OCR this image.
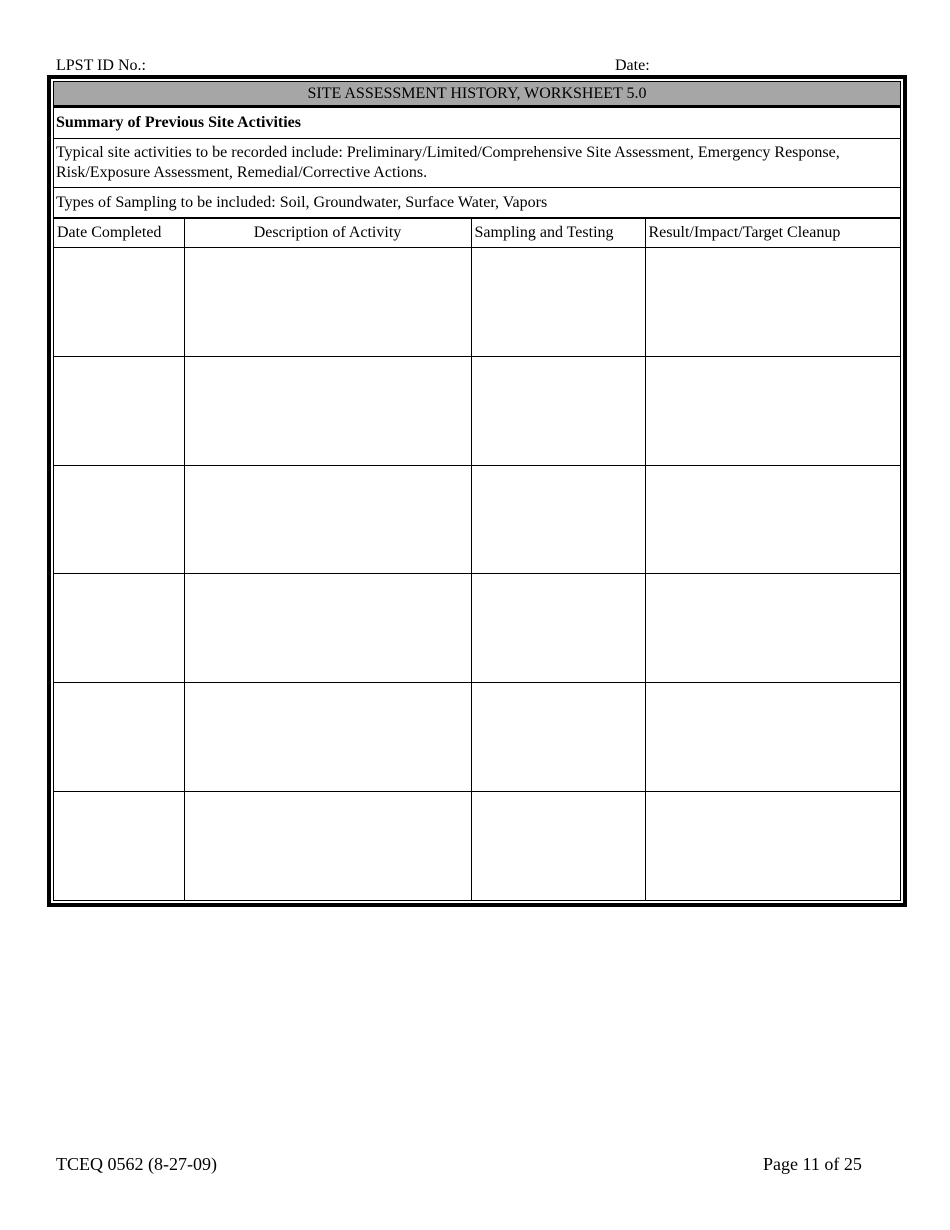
LPST ID No.:	Date:
SITE ASSESSMENT HISTORY, WORKSHEET 5.0
Summary of Previous Site Activities
Typical site activities to be recorded include: Preliminary/Limited/Comprehensive Site Assessment, Emergency Response, Risk/Exposure Assessment, Remedial/Corrective Actions.
Types of Sampling to be included: Soil, Groundwater, Surface Water, Vapors
Date Completed	Description of Activity	Sampling and Testing	Result/Impact/Target Cleanup

TCEQ 0562 (8-27-09)	Page 11 of 25
